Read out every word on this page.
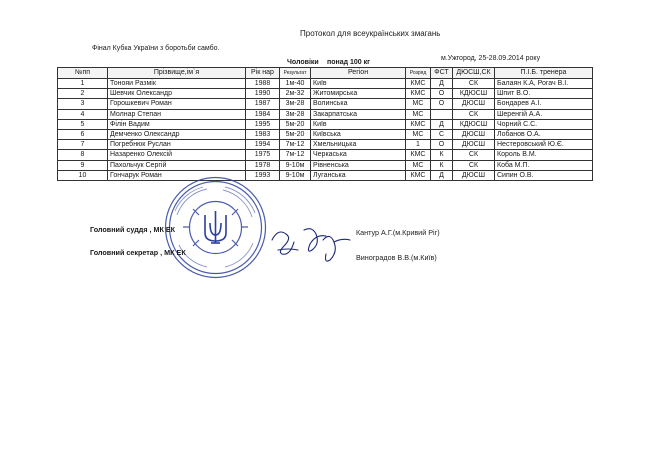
Протокол для всеукраїнських змагань
Фінал Кубка України з боротьби самбо.
м.Ужгород, 25-28.09.2014 року
Чоловіки понад 100 кг
№пп	Прізвище,ім`я	Рік нар	Результат	Регіон	Розряд	ФСТ	ДЮСШ,СК	П.І.Б. тренера
1	Тонояи Размік	1988	1м-40	Київ	КМС	Д	СК	Балаян К.А, Рогач В.І.
2	Шевчик Олександр	1990	2м-32	Житомирська	КМС	О	КДЮСШ	Шпит В.О.
3	Горошкевич Роман	1987	3м-28	Волинська	МС	О	ДЮСШ	Бондарев А.І.
4	Молнар Степан	1984	3м-28	Закарпатська	МС		СК	Шеренгій А.А.
5	Філін Вадим	1995	5м-20	Київ	КМС	Д	КДЮСШ	Чорний С.С.
6	Демченко Олександр	1983	5м-20	Київська	МС	С	ДЮСШ	Лобанов О.А.
7	Погребнюк Руслан	1994	7м-12	Хмельницька	1	О	ДЮСШ	Нестеровський Ю.Є.
8	Назаренко Олексій	1975	7м-12	Черкаська	КМС	К	СК	Король В.М.
9	Пахольчук Сергій	1978	9-10м	Рівненська	МС	К	СК	Коба М.П.
10	Гончарук Роман	1993	9-10м	Луганська	КМС	Д	ДЮСШ	Сипин О.В.
Головний суддя , МК ЕК	Кантур А.Г.(м.Кривий Ріг)
Головний секретар , МК ЕК
Виноградов В.В.(м.Київ)
